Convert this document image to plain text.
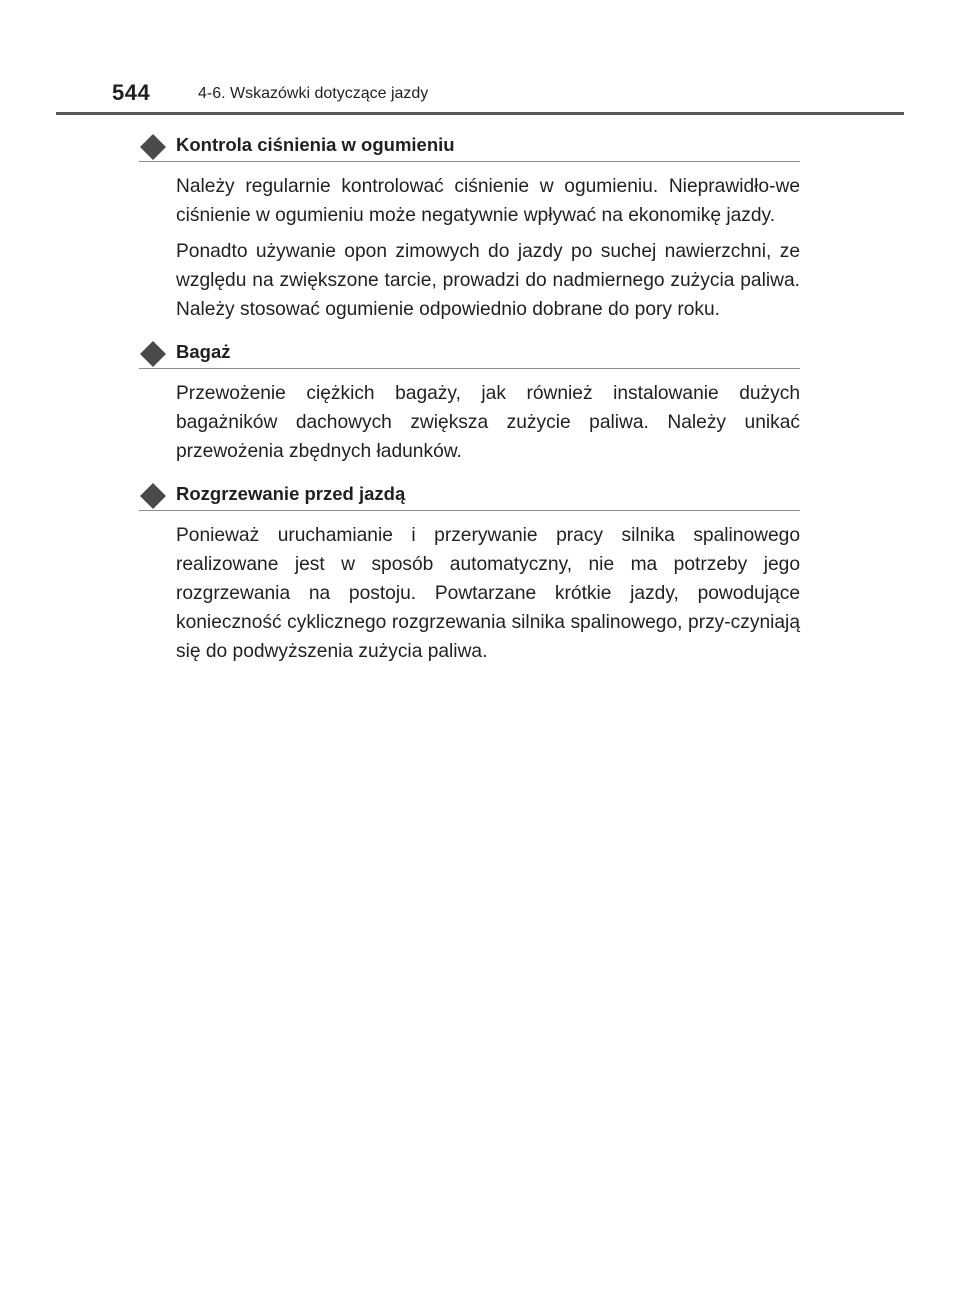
544	4-6. Wskazówki dotyczące jazdy
Kontrola ciśnienia w ogumieniu

Należy regularnie kontrolować ciśnienie w ogumieniu. Nieprawidło-we ciśnienie w ogumieniu może negatywnie wpływać na ekonomikę jazdy.

Ponadto używanie opon zimowych do jazdy po suchej nawierzchni, ze względu na zwiększone tarcie, prowadzi do nadmiernego zużycia paliwa. Należy stosować ogumienie odpowiednio dobrane do pory roku.

Bagaż

Przewożenie ciężkich bagaży, jak również instalowanie dużych bagażników dachowych zwiększa zużycie paliwa. Należy unikać przewożenia zbędnych ładunków.

Rozgrzewanie przed jazdą

Ponieważ uruchamianie i przerywanie pracy silnika spalinowego realizowane jest w sposób automatyczny, nie ma potrzeby jego rozgrzewania na postoju. Powtarzane krótkie jazdy, powodujące konieczność cyklicznego rozgrzewania silnika spalinowego, przy-czyniają się do podwyższenia zużycia paliwa.
